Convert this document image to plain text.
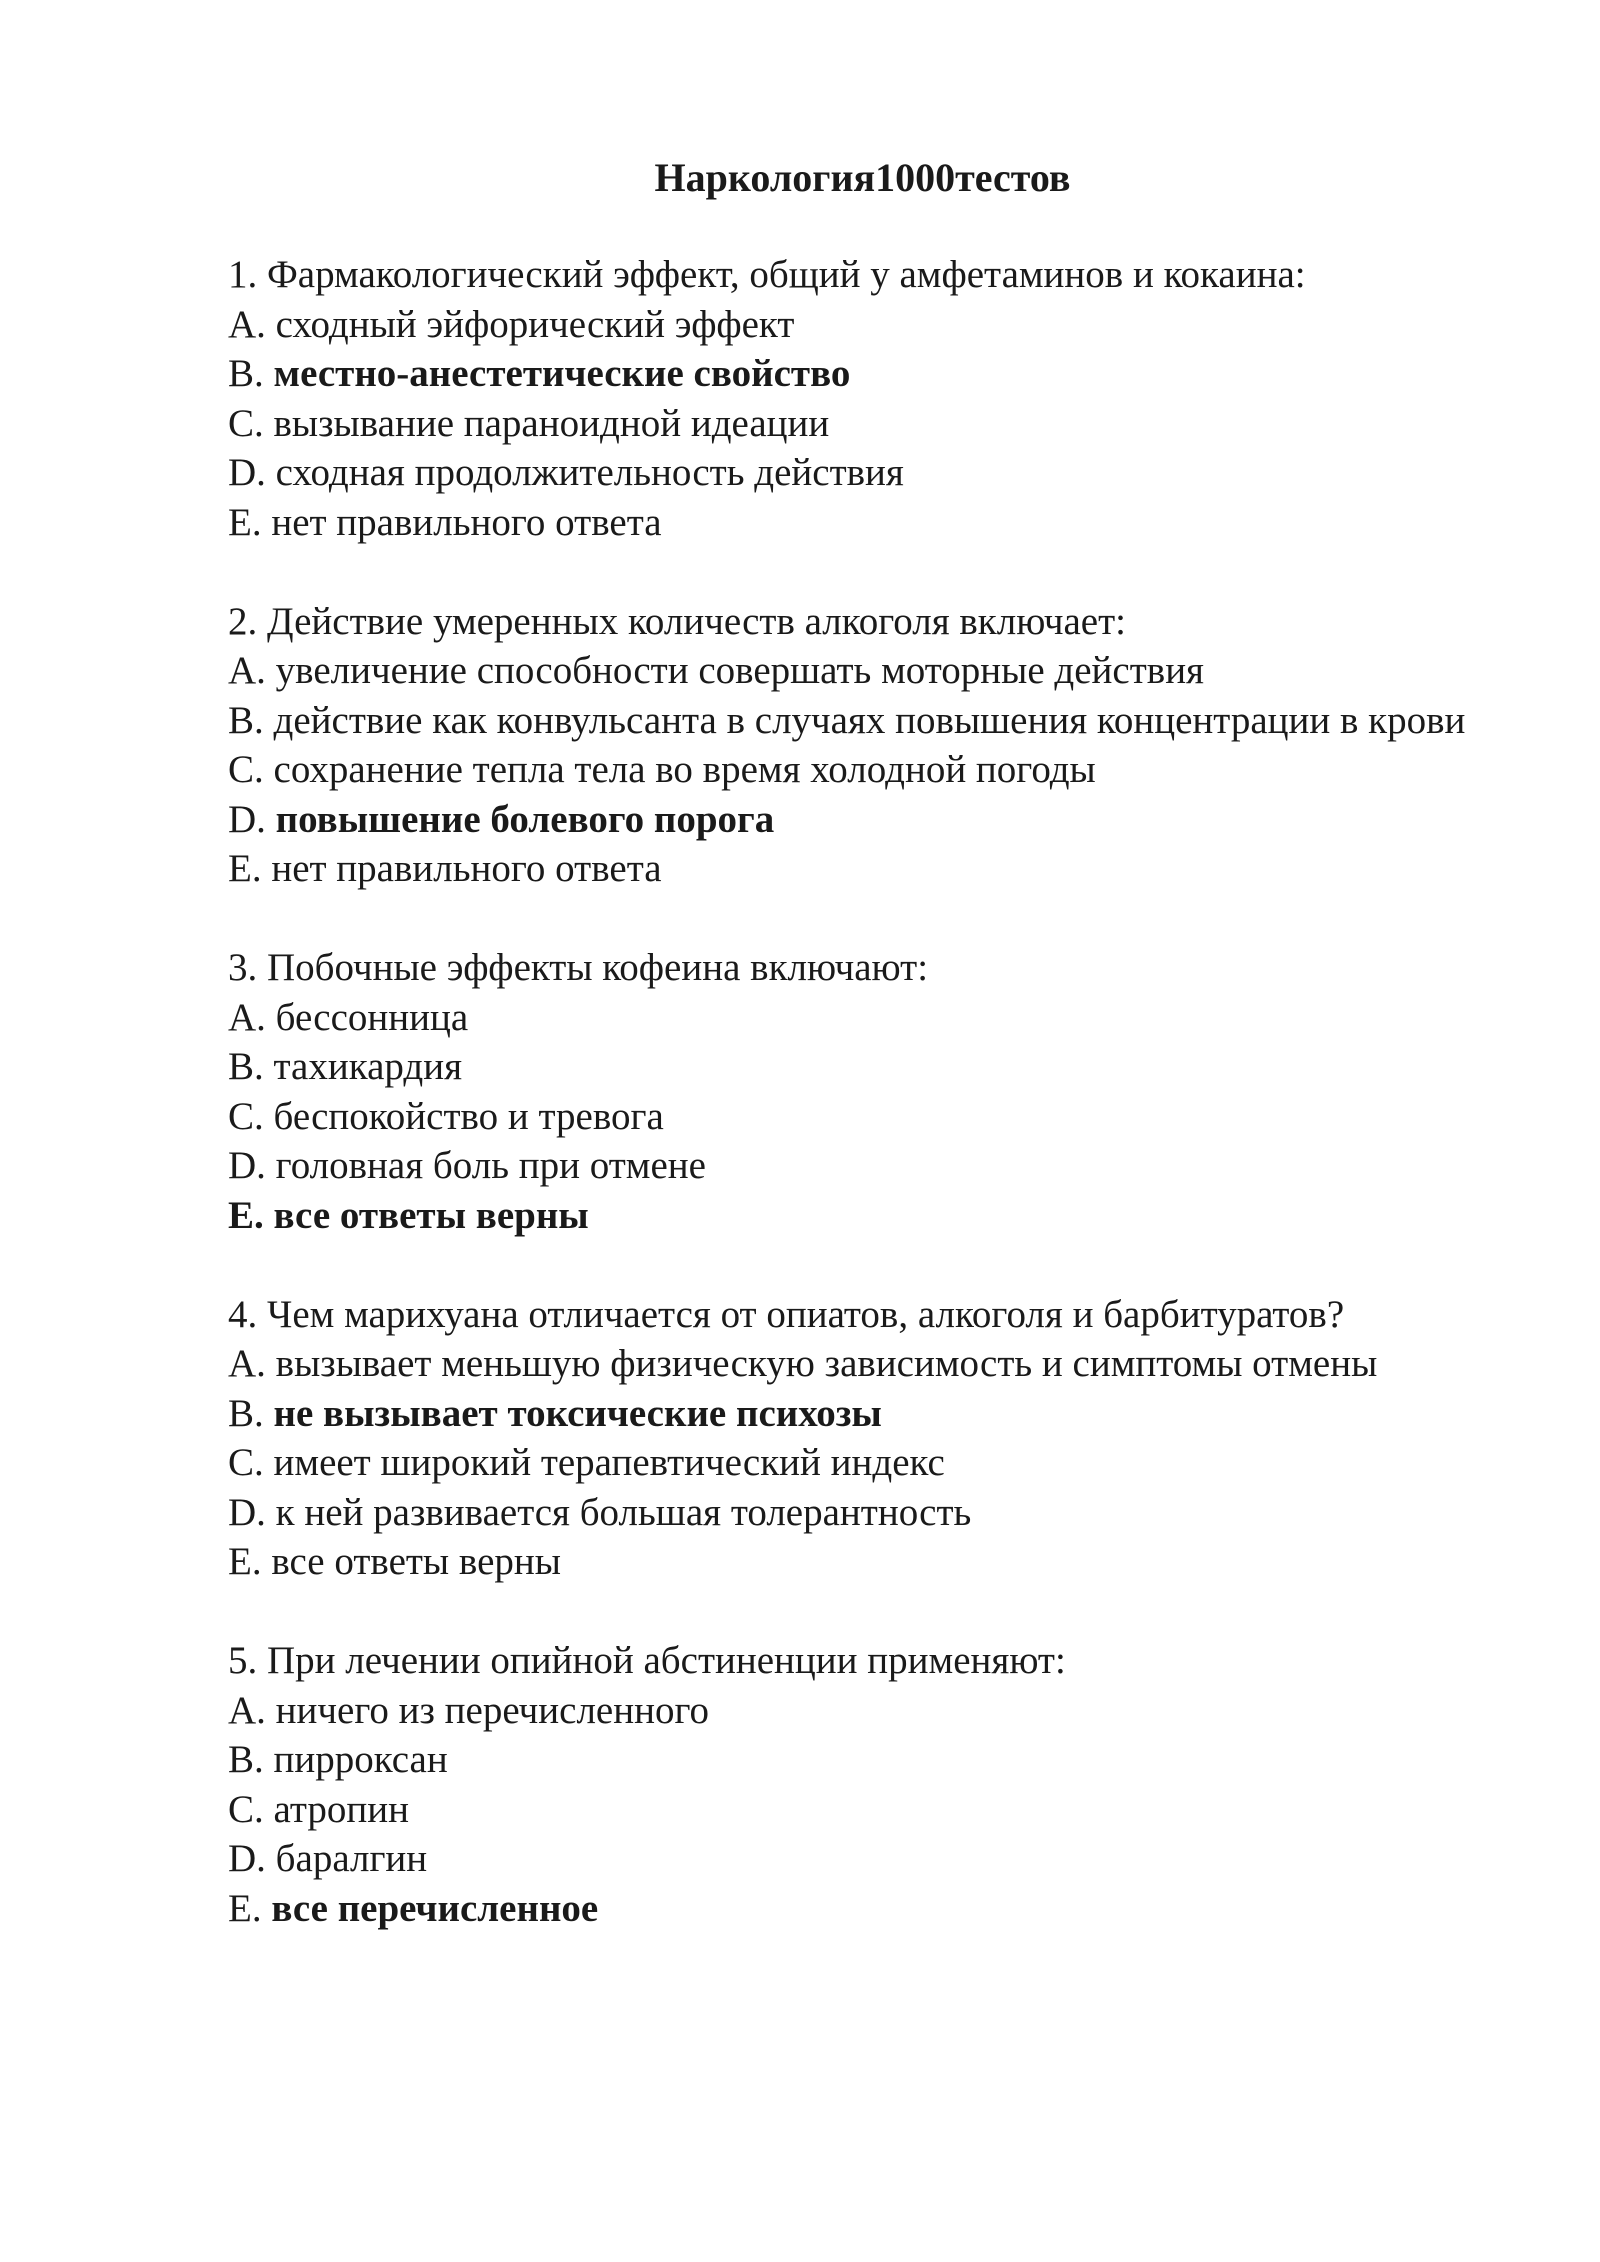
Наркология1000тестов

1. Фармакологический эффект, общий у амфетаминов и кокаина:

A. сходный эйфорический эффект

B. местно-анестетические свойство

C. вызывание параноидной идеации

D. сходная продолжительность действия

E. нет правильного ответа

2. Действие умеренных количеств алкоголя включает:

A. увеличение способности совершать моторные действия

B. действие как конвульсанта в случаях повышения концентрации в крови

C. сохранение тепла тела во время холодной погоды

D. повышение болевого порога

E. нет правильного ответа

3. Побочные эффекты кофеина включают:

A. бессонница

B. тахикардия

C. беспокойство и тревога

D. головная боль при отмене

E. все ответы верны

4. Чем марихуана отличается от опиатов, алкоголя и барбитуратов?

A. вызывает меньшую физическую зависимость и симптомы отмены

B. не вызывает токсические психозы

C. имеет широкий терапевтический индекс

D. к ней развивается большая толерантность

E. все ответы верны

5. При лечении опийной абстиненции применяют:

A. ничего из перечисленного

B. пирроксан

C. атропин

D. баралгин

E. все перечисленное
